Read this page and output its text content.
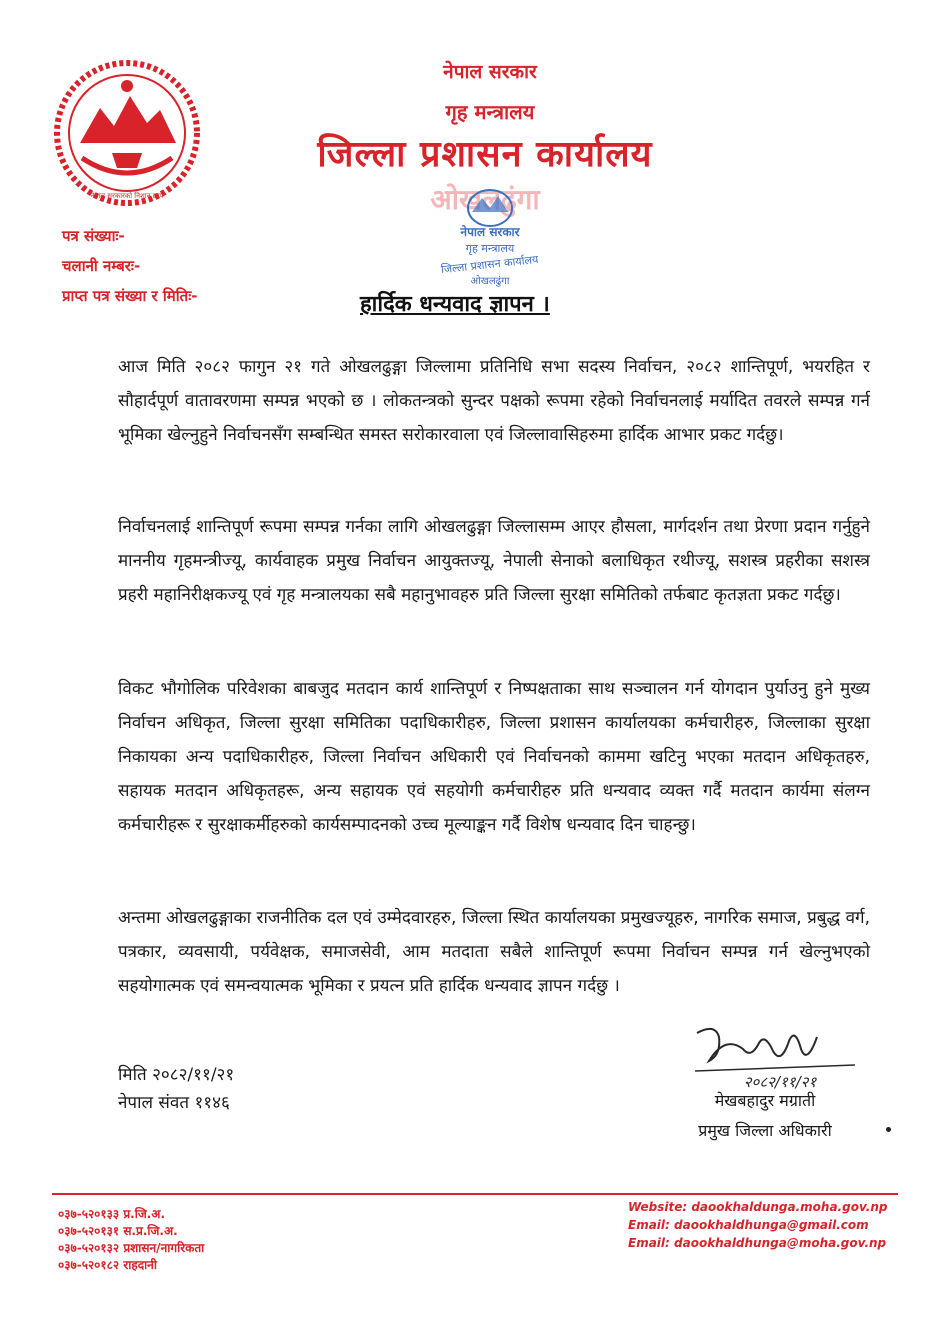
नेपाल सरकारको निशान छाप
नेपाल सरकार
गृह मन्त्रालय
जिल्ला प्रशासन कार्यालय
ओखलढुंगा
नेपाल सरकार
गृह मन्त्रालय
जिल्ला प्रशासन कार्यालय
ओखलढुंगा
पत्र संख्याः-
चलानी नम्बरः-
प्राप्त पत्र संख्या र मितिः-	हार्दिक धन्यवाद ज्ञापन ।
आज मिति २०८२ फागुन २१ गते ओखलढुङ्गा जिल्लामा प्रतिनिधि सभा सदस्य निर्वाचन, २०८२ शान्तिपूर्ण, भयरहित र सौहार्दपूर्ण वातावरणमा सम्पन्न भएको छ । लोकतन्त्रको सुन्दर पक्षको रूपमा रहेको निर्वाचनलाई मर्यादित तवरले सम्पन्न गर्न भूमिका खेल्नुहुने निर्वाचनसँग सम्बन्धित समस्त सरोकारवाला एवं जिल्लावासिहरुमा हार्दिक आभार प्रकट गर्दछु।
निर्वाचनलाई शान्तिपूर्ण रूपमा सम्पन्न गर्नका लागि ओखलढुङ्गा जिल्लासम्म आएर हौसला, मार्गदर्शन तथा प्रेरणा प्रदान गर्नुहुने माननीय गृहमन्त्रीज्यू, कार्यवाहक प्रमुख निर्वाचन आयुक्तज्यू, नेपाली सेनाको बलाधिकृत रथीज्यू, सशस्त्र प्रहरीका सशस्त्र प्रहरी महानिरीक्षकज्यू एवं गृह मन्त्रालयका सबै महानुभावहरु प्रति जिल्ला सुरक्षा समितिको तर्फबाट कृतज्ञता प्रकट गर्दछु।
विकट भौगोलिक परिवेशका बाबजुद मतदान कार्य शान्तिपूर्ण र निष्पक्षताका साथ सञ्चालन गर्न योगदान पुर्याउनु हुने मुख्य निर्वाचन अधिकृत, जिल्ला सुरक्षा समितिका पदाधिकारीहरु, जिल्ला प्रशासन कार्यालयका कर्मचारीहरु, जिल्लाका सुरक्षा निकायका अन्य पदाधिकारीहरु, जिल्ला निर्वाचन अधिकारी एवं निर्वाचनको काममा खटिनु भएका मतदान अधिकृतहरु, सहायक मतदान अधिकृतहरू, अन्य सहायक एवं सहयोगी कर्मचारीहरु प्रति धन्यवाद व्यक्त गर्दै मतदान कार्यमा संलग्न कर्मचारीहरू र सुरक्षाकर्मीहरुको कार्यसम्पादनको उच्च मूल्याङ्कन गर्दै विशेष धन्यवाद दिन चाहन्छु।
अन्तमा ओखलढुङ्गाका राजनीतिक दल एवं उम्मेदवारहरु, जिल्ला स्थित कार्यालयका प्रमुखज्यूहरु, नागरिक समाज, प्रबुद्ध वर्ग, पत्रकार, व्यवसायी, पर्यवेक्षक, समाजसेवी, आम मतदाता सबैले शान्तिपूर्ण रूपमा निर्वाचन सम्पन्न गर्न खेल्नुभएको सहयोगात्मक एवं समन्वयात्मक भूमिका र प्रयत्न प्रति हार्दिक धन्यवाद ज्ञापन गर्दछु ।
मिति २०८२/११/२१
नेपाल संवत ११४६
२०८२/११/२१
मेखबहादुर मग्राती
प्रमुख जिल्ला अधिकारी
०३७-५२०१३३ प्र.जि.अ.
०३७-५२०१३१ स.प्र.जि.अ.
०३७-५२०१३२ प्रशासन/नागरिकता
०३७-५२०१८२ राहदानी
Website: daookhaldunga.moha.gov.np
Email: daookhaldhunga@gmail.com
Email: daookhaldhunga@moha.gov.np
